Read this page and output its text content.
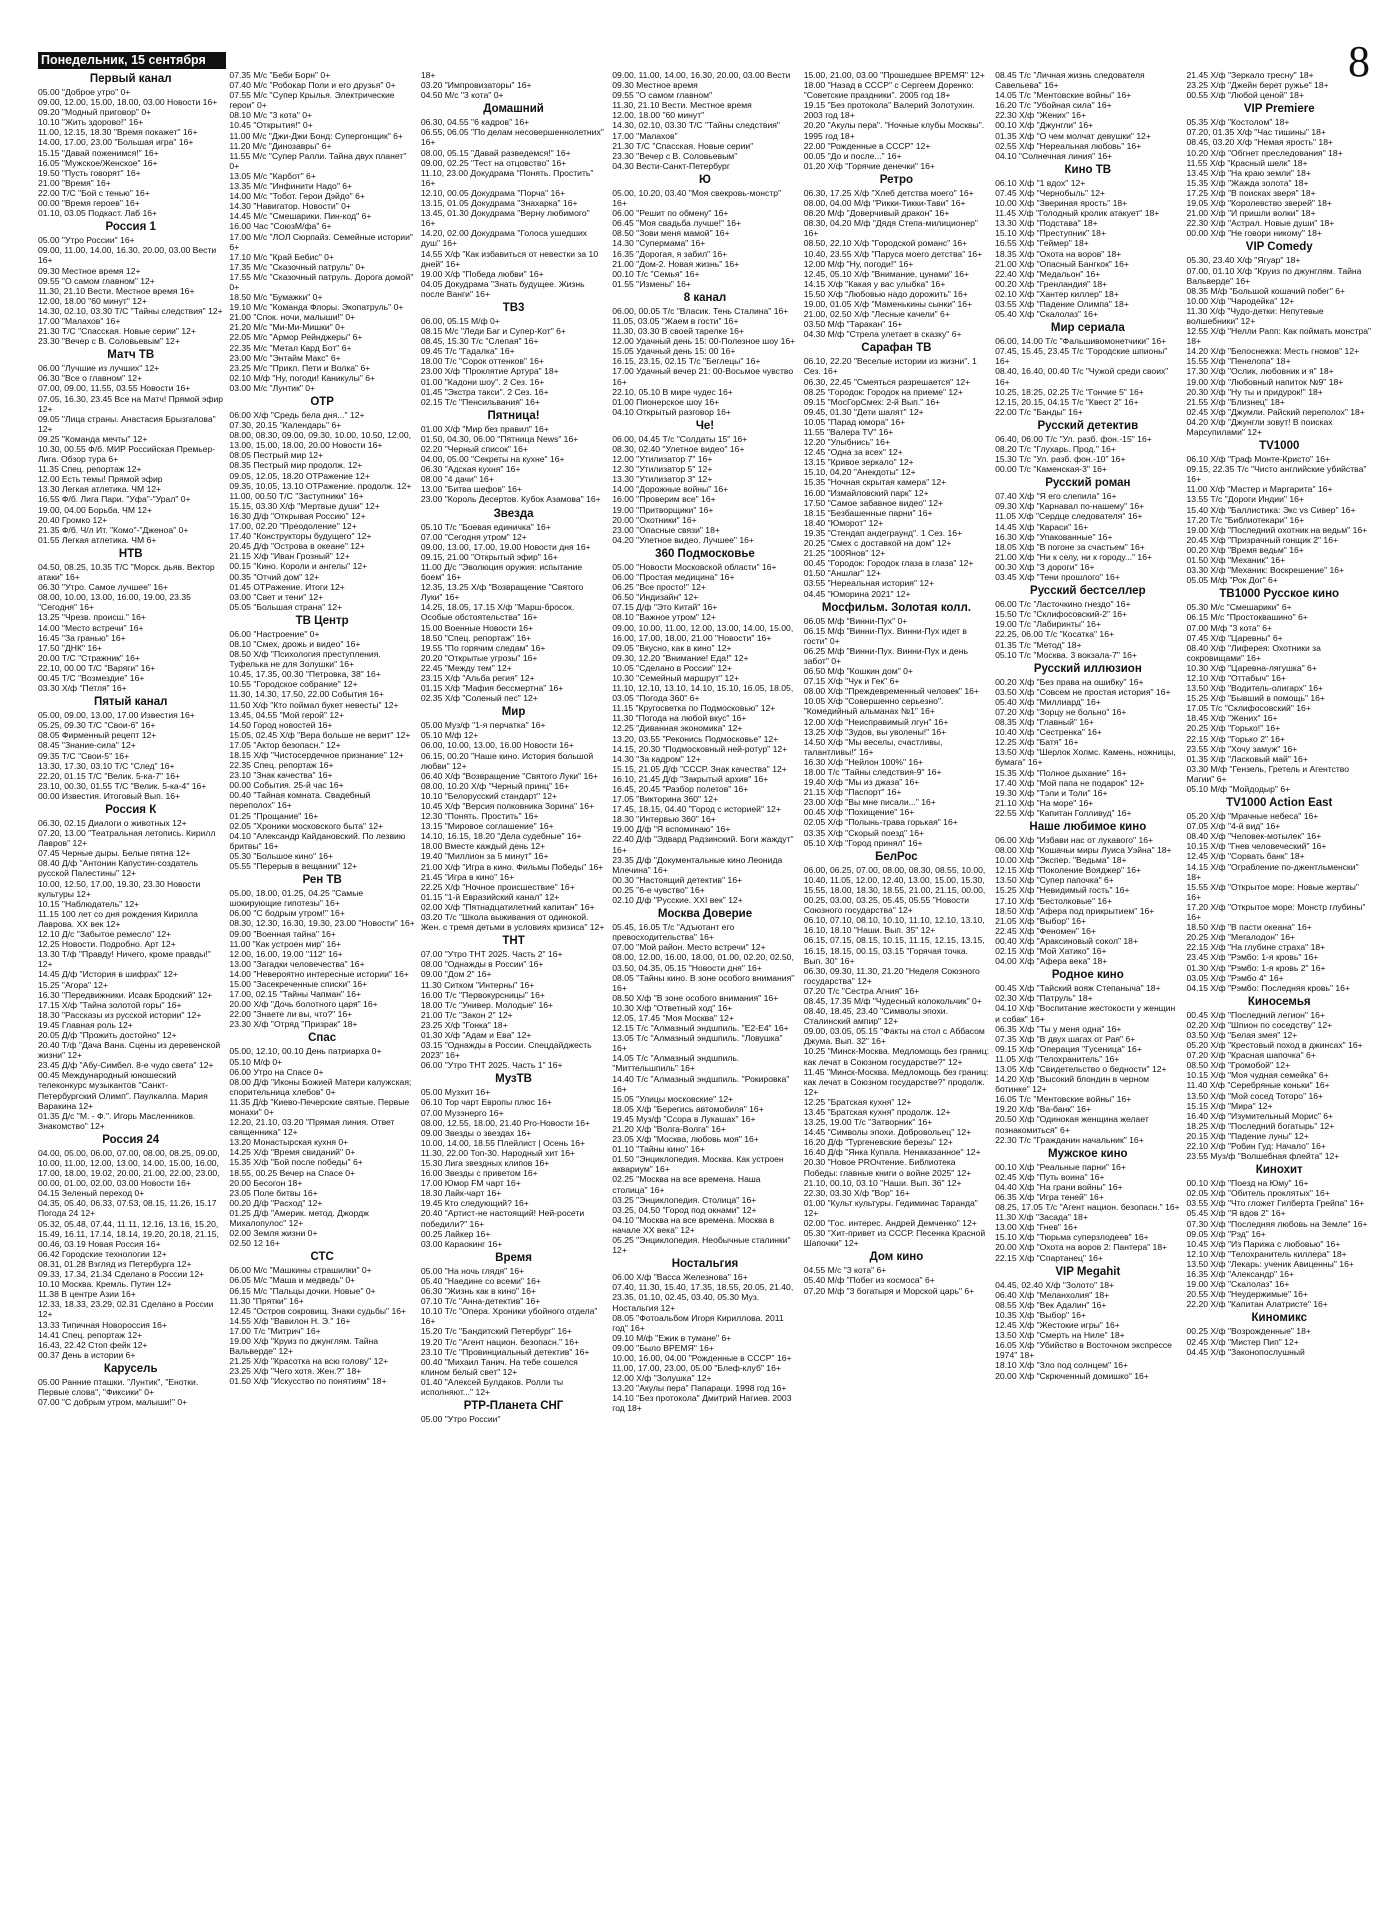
Понедельник, 15 сентября	8
Первый канал
05.00 "Доброе утро" 0+
09.00, 12.00, 15.00, 18.00, 03.00 Новости 16+
09.20 "Модный приговор" 0+
10.10 "Жить здорово!" 16+
11.00, 12.15, 18.30 "Время покажет" 16+
14.00, 17.00, 23.00 "Большая игра" 16+
15.15 "Давай поженимся!" 16+
16.05 "Мужское/Женское" 16+
19.50 "Пусть говорят" 16+
21.00 "Время" 16+
22.00 Т/С "Бой с тенью" 16+
00.00 "Время героев" 16+
01.10, 03.05 Подкаст. Лаб 16+
Россия 1
05.00 "Утро России" 16+
09.00, 11.00, 14.00, 16.30, 20.00, 03.00 Вести 16+
09.30 Местное время 12+
09.55 "О самом главном" 12+
11.30, 21.10 Вести. Местное время 16+
12.00, 18.00 "60 минут" 12+
14.30, 02.10, 03.30 Т/С "Тайны следствия" 12+
17.00 "Малахов" 16+
21.30 Т/С "Спасская. Новые серии" 12+
23.30 "Вечер с В. Соловьевым" 12+
Матч ТВ
06.00 "Лучшие из лучших" 12+
06.30 "Все о главном" 12+
07.00, 09.00, 11.55, 03.55 Новости 16+
07.05, 16.30, 23.45 Все на Матч! Прямой эфир 12+
09.05 "Лица страны. Анастасия Брызгалова" 12+
09.25 "Команда мечты" 12+
10.30, 00.55 Ф/б. МИР Российская Премьер-Лига. Обзор тура 6+
11.35 Спец. репортаж 12+
12.00 Есть темы! Прямой эфир
13.30 Легкая атлетика. ЧМ 12+
16.55 Ф/б. Лига Пари. "Уфа"-"Урал" 0+
19.00, 04.00 Борьба. ЧМ 12+
20.40 Громко 12+
21.35 Ф/б. Ч/л Ит. "Комо"-"Дженоа" 0+
01.55 Легкая атлетика. ЧМ 6+
НТВ
04.50, 08.25, 10.35 Т/С "Морск. дьяв. Вектор атаки" 16+
06.30 "Утро. Самое лучшее" 16+
08.00, 10.00, 13.00, 16.00, 19.00, 23.35 "Сегодня" 16+
13.25 "Чрезв. происш." 16+
14.00 "Место встречи" 16+
16.45 "За гранью" 16+
17.50 "ДНК" 16+
20.00 Т/С "Стражник" 16+
22.10, 00.00 Т/С "Варяги" 16+
00.45 Т/С "Возмездие" 16+
03.30 Х/ф "Петля" 16+
Пятый канал
05.00, 09.00, 13.00, 17.00 Известия 16+
05.25, 09.30 Т/С "Свои-6" 16+
08.05 Фирменный рецепт 12+
08.45 "Знание-сила" 12+
09.35 Т/С "Свои-5" 16+
13.30, 17.30, 03.10 Т/С "След" 16+
22.20, 01.15 Т/С "Велик. 5-ка-7" 16+
23.10, 00.30, 01.55 Т/С "Велик. 5-ка-4" 16+
00.00 Известия. Итоговый Вып. 16+
Россия К
06.30, 02.15 Диалоги о животных 12+
07.20, 13.00 "Театральная летопись. Кирилл Лавров" 12+
07.45 Черные дыры. Белые пятна 12+
08.40 Д/ф "Антонин Капустин-создатель русской Палестины" 12+
10.00, 12.50, 17.00, 19.30, 23.30 Новости культуры 12+
10.15 "Наблюдатель" 12+
11.15 100 лет со дня рождения Кирилла Лаврова. ХХ век 12+
12.10 Д/с "Забытое ремесло" 12+
12.25 Новости. Подробно. Арт 12+
13.30 Т/ф "Правду! Ничего, кроме правды!" 12+
14.45 Д/ф "История в шифрах" 12+
15.25 "Агора" 12+
16.30 "Передвижники. Исаак Бродский" 12+
17.15 Х/ф "Тайна золотой горы" 16+
18.30 "Рассказы из русской истории" 12+
19.45 Главная роль 12+
20.05 Д/ф "Прожить достойно" 12+
20.40 Т/ф "Дача Вана. Сцены из деревенской жизни" 12+
23.45 Д/ф "Абу-Симбел. 8-е чудо света" 12+
00.45 Международный юношеский телеконкурс музыкантов "Санкт-Петербургский Олимп". Паулкалпа. Мария Варакина 12+
01.35 Д/с "М. - Ф.". Игорь Масленников. Знакомство" 12+
Россия 24
04.00, 05.00, 06.00, 07.00, 08.00, 08.25, 09.00, 10.00, 11.00, 12.00, 13.00, 14.00, 15.00, 16.00, 17.00, 18.00, 19.02, 20.00, 21.00, 22.00, 23.00, 00.00, 01.00, 02.00, 03.00 Новости 16+
04.15 Зеленый переход 0+
04.35, 05.40, 06.33, 07.53, 08.15, 11.26, 15.17 Погода 24 12+
05.32, 05.48, 07.44, 11.11, 12.16, 13.16, 15.20, 15.49, 16.11, 17.14, 18.14, 19.20, 20.18, 21.15, 00.46, 03.19 Новая Россия 16+
06.42 Городские технологии 12+
08.31, 01.28 Взгляд из Петербурга 12+
09.33, 17.34, 21.34 Сделано в России 12+
10.10 Москва. Кремль. Путин 12+
11.38 В центре Азии 16+
12.33, 18.33, 23.29, 02.31 Сделано в России 12+
13.33 Типичная Новороссия 16+
14.41 Спец. репортаж 12+
16.43, 22.42 Стоп фейк 12+
00.37 День в истории 6+
Карусель
05.00 Ранние пташки. "Лунтик", "Енотки. Первые слова", "Фиксики" 0+
07.00 "С добрым утром, малыши!" 0+
07.35 М/с "Беби Борн" 0+
07.40 М/с "Робокар Поли и его друзья" 0+
07.55 М/с "Супер Крылья. Электрические герои" 0+
08.10 М/с "3 кота" 0+
10.45 "Открытия!" 0+
11.00 М/с "Джи-Джи Бонд: Супергонщик" 6+
11.20 М/с "Динозавры" 6+
11.55 М/с "Супер Ралли. Тайна двух планет" 0+
13.05 М/с "Карбот" 6+
13.35 М/с "Инфинити Надо" 6+
14.00 М/с "Тобот. Герои Дэйдо" 6+
14.30 "Навигатор. Новости" 0+
14.45 М/с "Смешарики. Пин-код" 6+
16.00 Час "СоюзМ/фа" 6+
17.00 М/с "ЛОЛ Сюрпайз. Семейные истории" 6+
17.10 М/с "Край Бебис" 0+
17.35 М/с "Сказочный патруль" 0+
17.55 М/с "Сказочный патруль. Дорога домой" 0+
18.50 М/с "Бумажки" 0+
19.10 М/с "Команда Флоры. Экопатруль" 0+
21.00 "Спок. ночи, малыши!" 0+
21.20 М/с "Ми-Ми-Мишки" 0+
22.05 М/с "Армор Рейнджеры" 6+
22.35 М/с "Метал Кард Бот" 6+
23.00 М/с "Энтайм Макс" 6+
23.25 М/с "Прикл. Пети и Волка" 6+
02.10 М/ф "Ну, погоди! Каникулы" 6+
03.00 М/с "Лунтик" 0+
ОТР
06.00 Х/ф "Средь бела дня..." 12+
07.30, 20.15 "Календарь" 6+
08.00, 08.30, 09.00, 09.30, 10.00, 10.50, 12.00, 13.00, 15.00, 18.00, 20.00 Новости 16+
08.05 Пестрый мир 12+
08.35 Пестрый мир продолж. 12+
09.05, 12.05, 18.20 ОТРажение 12+
09.35, 10.05, 13.10 ОТРажение. продолж. 12+
11.00, 00.50 Т/С "Заступники" 16+
15.15, 03.30 Х/ф "Мертвые души" 12+
16.30 Д/ф "Открывая Россию" 12+
17.00, 02.20 "Преодоление" 12+
17.40 "Конструкторы будущего" 12+
20.45 Д/ф "Острова в океане" 12+
21.15 Х/ф "Иван Грозный" 12+
00.15 "Кино. Короли и ангелы" 12+
00.35 "Отчий дом" 12+
01.45 ОТРажение. Итоги 12+
03.00 "Свет и тени" 12+
05.05 "Большая страна" 12+
ТВ Центр
06.00 "Настроение" 0+
08.10 "Смех, дрожь и видео" 16+
08.50 Х/ф "Психология преступления. Туфелька не для Золушки" 16+
10.45, 17.35, 00.30 "Петровка, 38" 16+
10.55 "Городское собрание" 12+
11.30, 14.30, 17.50, 22.00 События 16+
11.50 Х/ф "Кто поймал букет невесты" 12+
13.45, 04.55 "Мой герой" 12+
14.50 Город новостей 16+
15.05, 02.45 Х/ф "Вера больше не верит" 12+
17.05 "Актор безопасн." 12+
18.15 Х/ф "Чистосердечное признание" 12+
22.35 Спец. репортаж 16+
23.10 "Знак качества" 16+
00.00 События. 25-й час 16+
00.40 "Тайная комната. Свадебный переполох" 16+
01.25 "Прощание" 16+
02.05 "Хроники московского быта" 12+
04.10 "Александр Кайдановский. По лезвию бритвы" 16+
05.30 "Большое кино" 16+
05.55 "Перерыв в вещании" 12+
Рен ТВ
05.00, 18.00, 01.25, 04.25 "Самые шокирующие гипотезы" 16+
06.00 "С бодрым утром!" 16+
08.30, 12.30, 16.30, 19.30, 23.00 "Новости" 16+
09.00 "Военная тайна" 16+
11.00 "Как устроен мир" 16+
12.00, 16.00, 19.00 "112" 16+
13.00 "Загадки человечества" 16+
14.00 "Невероятно интересные истории" 16+
15.00 "Засекреченные списки" 16+
17.00, 02.15 "Тайны Чапман" 16+
20.00 Х/ф "Дочь болотного царя" 16+
22.00 "Знаете ли вы, что?" 16+
23.30 Х/ф "Отряд "Призрак" 18+
Спас
05.00, 12.10, 00.10 День патриарха 0+
05.10 М/ф 0+
06.00 Утро на Спасе 0+
08.00 Д/ф "Иконы Божией Матери калужская; спорительница хлебов" 0+
11.35 Д/ф "Киево-Печерские святые. Первые монахи" 0+
12.20, 21.10, 03.20 "Прямая линия. Ответ священника" 12+
13.20 Монастырская кухня 0+
14.25 Х/ф "Время свиданий" 0+
15.35 Х/ф "Бой после победы" 6+
18.55, 00.25 Вечер на Спасе 0+
20.00 Бесогон 18+
23.05 Поле битвы 16+
00.20 Д/ф "Расход" 12+
01.25 Д/ф "Америк. метод. Джордж Михалопулос" 12+
02.00 Земля жизни 0+
02.50 12 16+
СТС
06.00 М/с "Машкины страшилки" 0+
06.05 М/с "Маша и медведь" 0+
06.15 М/с "Пальцы дочки. Новые" 0+
11.30 "Прятки" 16+
12.45 "Остров сокровищ. Знаки судьбы" 16+
14.55 Х/ф "Вавилон Н. Э." 16+
17.00 Т/с "Митрич" 16+
19.00 Х/ф "Круиз по джунглям. Тайна Вальверде" 12+
21.25 Х/ф "Красотка на всю голову" 12+
23.25 Х/ф "Чего хотя. Жен.?" 18+
01.50 Х/ф "Искусство по понятиям" 18+
18+
03.20 "Импровизаторы" 16+
04.50 М/с "3 кота" 0+
Домашний
06.30, 04.55 "6 кадров" 16+
06.55, 06.05 "По делам несовершеннолетних" 16+
08.00, 05.15 "Давай разведемся!" 16+
09.00, 02.25 "Тест на отцовство" 16+
11.10, 23.00 Докудрама "Понять. Простить" 16+
12.10, 00.05 Докудрама "Порча" 16+
13.15, 01.05 Докудрама "Знахарка" 16+
13.45, 01.30 Докудрама "Верну любимого" 16+
14.20, 02.00 Докудрама "Голоса ушедших душ" 16+
14.55 Х/ф "Как избавиться от невестки за 10 дней" 16+
19.00 Х/ф "Победа любви" 16+
04.05 Докудрама "Знать будущее. Жизнь после Ванги" 16+
ТВ3
06.00, 05.15 М/ф 0+
08.15 М/с "Леди Баг и Супер-Кот" 6+
08.45, 15.30 Т/с "Слепая" 16+
09.45 Т/с "Гадалка" 16+
18.00 Т/с "Сорок оттенков" 16+
23.00 Х/ф "Проклятие Артура" 18+
01.00 "Кадони шоу". 2 Сез. 16+
01.45 "Экстра такси". 2 Сез. 16+
02.15 Т/с "Пенсильвания" 16+
Пятница!
01.00 Х/ф "Мир без правил" 16+
01.50, 04.30, 06.00 "Пятница News" 16+
02.20 "Черный список" 16+
04.00, 05.00 "Секреты на кухне" 16+
06.30 "Адская кухня" 16+
08.00 "4 дачи" 16+
13.00 "Битва шефов" 16+
23.00 "Король Десертов. Кубок Азамова" 16+
Звезда
05.10 Т/с "Боевая единичка" 16+
07.00 "Сегодня утром" 12+
09.00, 13.00, 17.00, 19.00 Новости дня 16+
09.15, 21.00 "Открытый эфир" 16+
11.00 Д/с "Эволюция оружия: испытание боем" 16+
12.35, 13.25 Х/ф "Возвращение "Святого Луки" 16+
14.25, 18.05, 17.15 Х/ф "Марш-бросок. Особые обстоятельства" 16+
15.00 Военные Новости 16+
18.50 "Спец. репортаж" 16+
19.55 "По горячим следам" 16+
20.20 "Открытые угрозы" 16+
22.45 "Между тем" 12+
23.15 Х/ф "Альба регия" 12+
01.15 Х/ф "Мафия бессмертна" 16+
02.35 Х/ф "Соленый пес" 12+
Мир
05.00 Муз/ф "1-я перчатка" 16+
05.10 М/ф 12+
06.00, 10.00, 13.00, 16.00 Новости 16+
06.15, 00.20 "Наше кино. История большой любви" 12+
06.40 Х/ф "Возвращение "Святого Луки" 16+
08.00, 10.20 Х/ф "Черный принц" 16+
10.10 "Белорусский стандарт" 12+
10.45 Х/ф "Версия полковника Зорина" 16+
12.30 "Понять. Простить" 16+
13.15 "Мировое соглашение" 16+
14.10, 16.15, 18.20 "Дела судебные" 16+
18.00 Вместе каждый день 12+
19.40 "Миллион за 5 минут" 16+
21.00 Х/ф "Игра в кино. Фильмы Победы" 16+
21.45 "Игра в кино" 16+
22.25 Х/ф "Ночное происшествие" 16+
01.15 "1-й Евразийский канал" 12+
02.00 Х/ф "Пятнадцатилетний капитан" 16+
03.20 Т/с "Школа выживания от одинокой. Жен. с тремя детьми в условиях кризиса" 12+
ТНТ
07.00 "Утро ТНТ 2025. Часть 2" 16+
08.00 "Однажды в России" 16+
09.00 "Дом 2" 16+
11.30 Ситком "Интерны" 16+
16.00 Т/с "Первокурсницы" 16+
18.00 Т/с "Универ. Молодые" 16+
21.00 Т/с "Закон 2" 12+
23.25 Х/ф "Гонка" 18+
01.30 Х/ф "Адам и Ева" 12+
03.15 "Однажды в России. Спецдайджесть 2023" 16+
06.00 "Утро ТНТ 2025. Часть 1" 16+
МузТВ
05.00 Музхит 16+
06.10 Тор чарт Европы плюс 16+
07.00 Музэнерго 16+
08.00, 12.55, 18.00, 21.40 Pro-Новости 16+
09.00 Звезды о звездах 16+
10.00, 14.00, 18.55 Плейлист | Осень 16+
11.30, 22.00 Топ-30. Народный хит 16+
15.30 Лига звездных клипов 16+
16.00 Звезды с приветом 16+
17.00 Юмор FM чарт 16+
18.30 Лайк-чарт 16+
19.45 Кто следующий? 16+
20.40 "Артист-не настоящий! Ней-росети победили?" 16+
00.25 Лайкер 16+
03.00 Караокинг 16+
Время
05.00 "На ночь глядя" 16+
05.40 "Наедине со всеми" 16+
06.30 "Жизнь как в кино" 16+
07.10 Т/с "Анна-детектив" 16+
10.10 Т/с "Опера. Хроники убойного отдела" 16+
15.20 Т/с "Бандитский Петербург" 16+
19.20 Т/с "Агент национ. безопасн." 16+
23.10 Т/с "Провинциальный детектив" 16+
00.40 "Михаил Танич. На тебе сошелся клином белый свет" 12+
01.40 "Алексей Булдаков. Ролли ты исполняют..." 12+
РТР-Планета СНГ
05.00 "Утро России"
09.00, 11.00, 14.00, 16.30, 20.00, 03.00 Вести
09.30 Местное время
09.55 "О самом главном"
11.30, 21.10 Вести. Местное время
12.00, 18.00 "60 минут"
14.30, 02.10, 03.30 Т/С "Тайны следствия"
17.00 "Малахов"
21.30 Т/С "Спасская. Новые серии"
23.30 "Вечер с В. Соловьевым"
04.30 Вести-Санкт-Петербург
Ю
05.00, 10.20, 03.40 "Моя свекровь-монстр" 16+
06.00 "Решит по обмену" 16+
06.45 "Моя свадьба лучше!" 16+
08.50 "Зови меня мамой" 16+
14.30 "Супермама" 16+
16.35 "Дорогая, я забил" 16+
21.00 "Дом-2. Новая жизнь" 16+
00.10 Т/с "Семья" 16+
01.55 "Измены" 16+
8 канал
06.00, 00.05 Т/с "Власик. Тень Сталина" 16+
11.05, 03.05 "Жаем в гости" 16+
11.30, 03.30 В своей тарелке 16+
12.00 Удачный день 15: 00-Полезное шоу 16+
15.05 Удачный день 15: 00 16+
16.15, 23.15, 02.15 Т/с "Беглецы" 16+
17.00 Удачный вечер 21: 00-Восьмое чувство 16+
22.10, 05.10 В мире чудес 16+
01.00 Пионерское шоу 16+
04.10 Открытый разговор 16+
Че!
06.00, 04.45 Т/с "Солдаты 15" 16+
08.30, 02.40 "Улетное видео" 16+
12.00 "Утилизатор 7" 16+
12.30 "Утилизатор 5" 12+
13.30 "Утилизатор 3" 12+
14.00 "Дорожные войны" 16+
16.00 "Проверим все" 16+
19.00 "Притворщики" 16+
20.00 "Охотники" 16+
23.00 "Опасные связи" 18+
04.20 "Улетное видео. Лучшее" 16+
360 Подмосковье
05.00 "Новости Московской области" 16+
06.00 "Простая медицина" 16+
06.25 "Все просто!" 12+
06.50 "Индизайн" 12+
07.15 Д/ф "Это Китай" 16+
08.10 "Важное утром" 12+
09.00, 10.00, 11.00, 12.00, 13.00, 14.00, 15.00, 16.00, 17.00, 18.00, 21.00 "Новости" 16+
09.05 "Вкусно, как в кино" 12+
09.30, 12.20 "Внимание! Еда!" 12+
10.05 "Сделано в России" 12+
10.30 "Семейный маршрут" 12+
11.10, 12.10, 13.10, 14.10, 15.10, 16.05, 18.05, 03.05 "Погода 360" 6+
11.15 "Кругосветка по Подмосковью" 12+
11.30 "Погода на любой вкус" 16+
12.25 "Диванная экономика" 12+
13.20, 03.55 "Реконись Подмосковье" 12+
14.15, 20.30 "Подмосковный ней-ротур" 12+
14.30 "За кадром" 12+
15.15, 21.05 Д/ф "СССР. Знак качества" 12+
16.10, 21.45 Д/ф "Закрытый архив" 16+
16.45, 20.45 "Разбор полетов" 16+
17.05 "Викторина 360" 12+
17.45, 18.15, 04.40 "Город с историей" 12+
18.30 "Интервью 360" 16+
19.00 Д/ф "Я вспоминаю" 16+
22.40 Д/ф "Эдвард Радзинский. Боги жаждут" 16+
23.35 Д/ф "Документальные кино Леонида Млечина" 16+
00.30 "Настоящий детектив" 16+
00.25 "6-е чувство" 16+
02.10 Д/ф "Русские. XXI век" 12+
Москва Доверие
05.45, 16.05 Т/с "Адъютант его превосходительства" 16+
07.00 "Мой район. Место встречи" 12+
08.00, 12.00, 16.00, 18.00, 01.00, 02.20, 02.50, 03.50, 04.35, 05.15 "Новости дня" 16+
08.05 "Тайны кино. В зоне особого внимания" 16+
08.50 Х/ф "В зоне особого внимания" 16+
10.30 Х/ф "Ответный ход" 16+
12.05, 17.45 "Моя Москва" 12+
12.15 Т/с "Алмазный эндшпиль. "Е2-Е4" 16+
13.05 Т/с "Алмазный эндшпиль. "Ловушка" 16+
14.05 Т/с "Алмазный эндшпиль. "Миттельшпиль" 16+
14.40 Т/с "Алмазный эндшпиль. "Рокировка" 16+
15.05 "Улицы московские" 12+
18.05 Х/ф "Берегись автомобиля" 16+
19.45 Муз/ф "Ссора в Лукашах" 16+
21.20 Х/ф "Волга-Волга" 16+
23.05 Х/ф "Москва, любовь моя" 16+
01.10 "Тайны кино" 16+
01.50 "Энциклопедия. Москва. Как устроен аквариум" 16+
02.25 "Москва на все времена. Наша столица" 16+
03.25 "Энциклопедия. Столица" 16+
03.25, 04.50 "Город под окнами" 12+
04.10 "Москва на все времена. Москва в начале XX века" 12+
05.25 "Энциклопедия. Необычные сталинки" 12+
Ностальгия
06.00 Х/ф "Васса Железнова" 16+
07.40, 11.30, 15.40, 17.35, 18.55, 20.05, 21.40, 23.35, 01.10, 02.45, 03.40, 05.30 Муз. Ностальгия 12+
08.05 "Фотоальбом Игоря Кириллова. 2011 год" 16+
09.10 М/ф "Ежик в тумане" 6+
09.00 "Было ВРЕМЯ" 16+
10.00, 16.00, 04.00 "Рожденные в СССР" 16+
11.00, 17.00, 23.00, 05.00 "Блеф-клуб" 16+
12.00 Х/ф "Золушка" 12+
13.20 "Акулы пера" Папараци. 1998 год 16+
14.10 "Без протокола" Дмитрий Нагиев. 2003 год 18+
15.00, 21.00, 03.00 "Прошедшее ВРЕМЯ" 12+
18.00 "Назад в СССР" с Сергеем Доренко: "Советские праздники". 2005 год 18+
19.15 "Без протокола" Валерий Золотухин. 2003 год 18+
20.20 "Акулы пера". "Ночные клубы Москвы". 1995 год 18+
22.00 "Рожденные в СССР" 12+
00.05 "До и после..." 16+
01.20 Х/ф "Горячие денечки" 16+
Ретро
06.30, 17.25 Х/ф "Хлеб детства моего" 16+
08.00, 04.00 М/ф "Рикки-Тикки-Тави" 16+
08.20 М/ф "Доверчивый дракон" 16+
08.30, 04.20 М/ф "Дядя Степа-милиционер" 16+
08.50, 22.10 Х/ф "Городской романс" 16+
10.40, 23.55 Х/ф "Паруса моего детства" 16+
12.00 М/ф "Ну, погоди!" 16+
12.45, 05.10 Х/ф "Внимание, цунами" 16+
14.15 Х/ф "Какая у вас улыбка" 16+
15.50 Х/ф "Любовью надо дорожить" 16+
19.00, 01.05 Х/ф "Маменькины сынки" 16+
21.00, 02.50 Х/ф "Лесные качели" 6+
03.50 М/ф "Таракан" 16+
04.30 М/ф "Стрела улетает в сказку" 6+
Сарафан ТВ
06.10, 22.20 "Веселые истории из жизни". 1 Сез. 16+
06.30, 22.45 "Смеяться разрешается" 12+
08.25 "Городок: Городок на приеме" 12+
09.15 "МосГорСмех: 2-й Вып." 16+
09.45, 01.30 "Дети шалят" 12+
10.05 "Парад юмора" 16+
11.55 "Валера TV" 16+
12.20 "Улыбнись" 16+
12.45 "Одна за всех" 12+
13.15 "Кривое зеркало" 12+
15.10, 04.20 "Анекдоты" 12+
15.35 "Ночная скрытая камера" 12+
16.00 "Измайловский парк" 12+
17.50 "Самое забавное видео" 12+
18.15 "Безбашенные парни" 16+
18.40 "Юморот" 12+
19.35 "Стендап андеграунд". 1 Сез. 16+
20.25 "Смех с доставкой на дом" 12+
21.25 "100Янов" 12+
00.45 "Городок: Городок глаза в глаза" 12+
01.50 "Аншлаг" 12+
03.55 "Нереальная история" 12+
04.45 "Юморина 2021" 12+
Мосфильм. Золотая колл.
06.05 М/ф "Винни-Пух" 0+
06.15 М/ф "Винни-Пух. Винни-Пух идет в гости" 0+
06.25 М/ф "Винни-Пух. Винни-Пух и день забот" 0+
06.50 М/ф "Кошкин дом" 0+
07.15 Х/ф "Чук и Гек" 6+
08.00 Х/ф "Преждевременный человек" 16+
10.05 Х/ф "Совершенно серьезно". "Комедийный альманах №1" 16+
12.00 Х/ф "Неисправимый лгун" 16+
13.25 Х/ф "Зудов, вы уволены!" 16+
14.50 Х/ф "Мы веселы, счастливы, талантливы!" 16+
16.30 Х/ф "Нейлон 100%" 16+
18.00 Т/с "Тайны следствия-9" 16+
19.40 Х/ф "Мы из джаза" 16+
21.15 Х/ф "Паспорт" 16+
23.00 Х/ф "Вы мне писали..." 16+
00.45 Х/ф "Похищение" 16+
02.05 Х/ф "Полынь-трава горькая" 16+
03.35 Х/ф "Скорый поезд" 16+
05.10 Х/ф "Город принял" 16+
БелРос
06.00, 06.25, 07.00, 08.00, 08.30, 08.55, 10.00, 10.40, 11.05, 12.00, 12.40, 13.00, 15.00, 15.30, 15.55, 18.00, 18.30, 18.55, 21.00, 21.15, 00.00, 00.25, 03.00, 03.25, 05.45, 05.55 "Новости Союзного государства" 12+
06.10, 07.10, 08.10, 10.10, 11.10, 12.10, 13.10, 16.10, 18.10 "Наши. Вып. 35" 12+
06.15, 07.15, 08.15, 10.15, 11.15, 12.15, 13.15, 16.15, 18.15, 00.15, 03.15 "Горячая точка. Вып. 30" 16+
06.30, 09.30, 11.30, 21.20 "Неделя Союзного государства" 12+
07.20 Т/с "Сестра Агния" 16+
08.45, 17.35 М/ф "Чудесный колокольчик" 0+
08.40, 18.45, 23.40 "Символы эпохи. Сталинский ампир" 12+
09.00, 03.05, 05.15 "Факты на стол с Аббасом Джума. Вып. 32" 16+
10.25 "Минск-Москва. Медломощь без границ: как лечат в Союзном государстве?" 12+
11.45 "Минск-Москва. Медломощь без границ: как лечат в Союзном государстве?" продолж. 12+
12.25 "Братская кухня" 12+
13.45 "Братская кухня" продолж. 12+
13.25, 19.00 Т/с "Затворник" 16+
14.45 "Символы эпохи. Добровольец" 12+
16.20 Д/ф "Тургеневские березы" 12+
16.40 Д/ф "Янка Купала. Ненаказанное" 12+
20.30 "Новое PROчтение. Библиотека Победы: главные книги о войне 2025" 12+
21.10, 00.10, 03.10 "Наши. Вып. 36" 12+
22.30, 03.30 Х/ф "Вор" 16+
01.00 "Культ культуры. Гедиминас Таранда" 12+
02.00 "Гос. интерес. Андрей Демченко" 12+
05.30 "Хит-привет из СССР. Песенка Красной Шапочки" 12+
Дом кино
04.55 М/с "3 кота" 6+
05.40 М/ф "Побег из космоса" 6+
07.20 М/ф "3 богатыря и Морской царь" 6+
08.45 Т/с "Личная жизнь следователя Савельева" 16+
14.05 Т/с "Ментовские войны" 16+
16.20 Т/с "Убойная сила" 16+
22.30 Х/ф "Жених" 16+
00.10 Х/ф "Джунгли" 16+
01.35 Х/ф "О чем молчат девушки" 12+
02.55 Х/ф "Нереальная любовь" 16+
04.10 "Солнечная линия" 16+
Кино ТВ
06.10 Х/ф "1 вдох" 12+
07.45 Х/ф "Чернобыль" 12+
10.00 Х/ф "Звериная ярость" 18+
11.45 Х/ф "Голодный кролик атакует" 18+
13.30 Х/ф "Подставa" 18+
15.10 Х/ф "Преступник" 18+
16.55 Х/ф "Геймер" 18+
18.35 Х/ф "Охота на воров" 18+
21.00 Х/ф "Опасный Бангкок" 16+
22.40 Х/ф "Медальон" 16+
00.20 Х/ф "Гренландия" 18+
02.10 Х/ф "Хантер киллер" 18+
03.55 Х/ф "Падение Олимпа" 18+
05.40 Х/ф "Скалолаз" 16+
Мир сериала
06.00, 14.00 Т/с "Фальшивомонетчики" 16+
07.45, 15.45, 23.45 Т/с "Городские шпионы" 16+
08.40, 16.40, 00.40 Т/с "Чужой среди своих" 16+
10.25, 18.25, 02.25 Т/с "Гончие 5" 16+
12.15, 20.15, 04.15 Т/с "Квест 2" 16+
22.00 Т/с "Банды" 16+
Русский детектив
06.40, 06.00 Т/с "Ул. разб. фон.-15" 16+
08.20 Т/с "Глухарь. Прод." 16+
15.30 Т/с "Ул. разб. фон.-10" 16+
00.00 Т/с "Каменская-3" 16+
Русский роман
07.40 Х/ф "Я его слепила" 16+
09.30 Х/ф "Карнавал по-нашему" 16+
11.05 Х/ф "Сердце следователя" 16+
14.45 Х/ф "Караси" 16+
16.30 Х/ф "Упакованные" 16+
18.05 Х/ф "В погоне за счастьем" 16+
21.00 Х/ф "Ни к селу, ни к городу..." 16+
00.30 Х/ф "З дороги" 16+
03.45 Х/ф "Тени прошлого" 16+
Русский бестселлер
06.00 Т/с "Ласточкино гнездо" 16+
15.50 Т/с "Склифосовский-2" 16+
19.00 Т/с "Лабиринты" 16+
22.25, 06.00 Т/с "Косатка" 16+
01.35 Т/с "Метод" 18+
05.10 Т/с "Москва. 3 вокзала-7" 16+
Русский иллюзион
00.20 Х/ф "Без права на ошибку" 16+
03.50 Х/ф "Совсем не простая история" 16+
05.40 Х/ф "Миллиард" 16+
07.20 Х/ф "Зорцу не больно" 16+
08.35 Х/ф "Главный" 16+
10.40 Х/ф "Сестренка" 16+
12.25 Х/ф "Батя" 16+
13.50 Х/ф "Шерлок Холмс. Камень, ножницы, бумага" 16+
15.35 Х/ф "Полное дыхание" 16+
17.40 Х/ф "Мой папа не подарок" 12+
19.30 Х/ф "Тэли и Толи" 16+
21.10 Х/ф "На море" 16+
22.55 Х/ф "Капитан Голливуд" 16+
Наше любимое кино
06.00 Х/ф "Избави нас от лукавого" 16+
08.00 Х/ф "Кошачьи миры Луиса Уэйна" 18+
10.00 Х/ф "Экспер. "Ведьма" 18+
12.15 Х/ф "Поколение Вояджер" 16+
13.50 Х/ф "Супер папочка" 6+
15.25 Х/ф "Невидимый гость" 16+
17.10 Х/ф "Бестолковые" 16+
18.50 Х/ф "Афера под прикрытием" 16+
21.05 Х/ф "Выбор" 16+
22.45 Х/ф "Феномен" 16+
00.40 Х/ф "Араксиновый сокол" 18+
02.15 Х/ф "Мой Хатико" 16+
04.00 Х/ф "Афера века" 18+
Родное кино
00.45 Х/ф "Тайский вояж Степаныча" 18+
02.30 Х/ф "Патруль" 18+
04.10 Х/ф "Воспитание жестокости у женщин и собак" 16+
06.35 Х/ф "Ты у меня одна" 16+
07.35 Х/ф "В двух шагах от Рая" 6+
09.15 Х/ф "Операция "Гусеница" 16+
11.05 Х/ф "Телохранитель" 16+
13.05 Х/ф "Свидетельство о бедности" 12+
14.20 Х/ф "Высокий блондин в черном ботинке" 12+
16.05 Т/с "Ментовские войны" 16+
19.20 Х/ф "Ва-банк" 16+
20.50 Х/ф "Одинокая женщина желает познакомиться" 6+
22.30 Т/с "Гражданин начальник" 16+
Мужское кино
00.10 Х/ф "Реальные парни" 16+
02.45 Х/ф "Путь воина" 16+
04.40 Х/ф "На грани войны" 16+
06.35 Х/ф "Игра теней" 16+
08.25, 17.05 Т/с "Агент национ. безопасн." 16+
11.30 Х/ф "Засада" 18+
13.00 Х/ф "Гнев" 16+
15.10 Х/ф "Тюрьма суперзлодеев" 16+
20.00 Х/ф "Охота на воров 2: Пантера" 18+
22.15 Х/ф "Спартанец" 16+
VIP Megahit
04.45, 02.40 Х/ф "Золото" 18+
06.40 Х/ф "Меланхолия" 18+
08.55 Х/ф "Век Адалин" 16+
10.35 Х/ф "Выбор" 16+
12.45 Х/ф "Жестокие игры" 16+
13.50 Х/ф "Смерть на Ниле" 18+
16.05 Х/ф "Убийство в Восточном экспрессе 1974" 18+
18.10 Х/ф "Зло под солнцем" 16+
20.00 Х/ф "Скрюченный домишко" 16+
21.45 Х/ф "Зеркало тресну" 18+
23.25 Х/ф "Джейн берет ружье" 18+
00.55 Х/ф "Любой ценой" 18+
VIP Premiere
05.35 Х/ф "Костолом" 18+
07.20, 01.35 Х/ф "Час тишины" 18+
08.45, 03.20 Х/ф "Немая ярость" 18+
10.20 Х/ф "Обгнет преследования" 18+
11.55 Х/ф "Красный шелк" 18+
13.45 Х/ф "На краю земли" 18+
15.35 Х/ф "Жажда золота" 18+
17.25 Х/ф "В поисках зверя" 18+
19.05 Х/ф "Королевство зверей" 18+
21.00 Х/ф "И пришли волки" 18+
22.30 Х/ф "Астрал. Новые души" 18+
00.00 Х/ф "Не говори никому" 18+
VIP Comedy
05.30, 23.40 Х/ф "Ягуар" 18+
07.00, 01.10 Х/ф "Круиз по джунглям. Тайна Вальверде" 16+
08.35 М/ф "Большой кошачий побег" 6+
10.00 Х/ф "Чародейка" 12+
11.30 Х/ф "Чудо-детки: Непутевые волшебники" 12+
12.55 Х/ф "Нелли Рапп: Как поймать монстра" 18+
14.20 Х/ф "Белоснежка: Месть гномов" 12+
15.55 Х/ф "Пенелопа" 18+
17.30 Х/ф "Ослик, любовник и я" 18+
19.00 Х/ф "Любовный напиток №9" 18+
20.30 Х/ф "Ну ты и придурок!" 18+
21.55 Х/ф "Близнец" 18+
02.45 Х/ф "Джумли. Райский переполох" 18+
04.20 Х/ф "Джунгли зовут! В поисках Марсупилами" 12+
TV1000
06.10 Х/ф "Граф Монте-Кристо" 16+
09.15, 22.35 Т/с "Чисто английские убийства" 16+
11.00 Х/ф "Мастер и Маргарита" 16+
13.55 Т/с "Дороги Индии" 16+
15.40 Х/ф "Баллистика: Экс vs Сивер" 16+
17.20 Т/с "Библиотекари" 16+
19.00 Х/ф "Последний охотник на ведьм" 16+
20.45 Х/ф "Призрачный гонщик 2" 16+
00.20 Х/ф "Время ведьм" 16+
01.50 Х/ф "Механик" 16+
03.30 Х/ф "Механик: Воскрешение" 16+
05.05 М/ф "Рок Дог" 6+
ТВ1000 Русское кино
05.30 М/с "Смешарики" 6+
06.15 М/с "Простоквашино" 6+
07.00 М/ф "3 кота" 6+
07.45 Х/ф "Царевны" 6+
08.40 Х/ф "Лиферея: Охотники за сокровищами" 16+
10.30 Х/ф "Царевна-лягушка" 6+
12.10 Х/ф "Оттабыч" 16+
13.50 Х/ф "Водитель-олигарх" 16+
15.25 Х/ф "Бывший в помощь" 16+
17.05 Т/с "Склифосовский" 16+
18.45 Х/ф "Жених" 16+
20.25 Х/ф "Горько!" 16+
22.15 Х/ф "Горько 2" 16+
23.55 Х/ф "Хочу замуж" 16+
01.35 Х/ф "Ласковый май" 16+
03.30 М/ф "Гензель, Гретель и Агентство Магии" 6+
05.10 М/ф "Мойдодыр" 6+
TV1000 Action East
05.20 Х/ф "Мрачные небеса" 16+
07.05 Х/ф "4-й вид" 16+
08.40 Х/ф "Человек-мотылек" 16+
10.15 Х/ф "Гнев человеческий" 16+
12.45 Х/ф "Сорвать банк" 18+
14.15 Х/ф "Ограбление по-джентльменски" 18+
15.55 Х/ф "Открытое море: Новые жертвы" 16+
17.20 Х/ф "Открытое море: Монстр глубины" 16+
18.50 Х/ф "В пасти океана" 16+
20.25 Х/ф "Мегалодон" 16+
22.15 Х/ф "На глубине страха" 18+
23.45 Х/ф "Рэмбо: 1-я кровь" 16+
01.30 Х/ф "Рэмбо: 1-я кровь 2" 16+
03.05 Х/ф "Рэмбо 4" 16+
04.15 Х/ф "Рэмбо: Последняя кровь" 16+
Киносемья
00.45 Х/ф "Последний легион" 16+
02.20 Х/ф "Шпион по соседству" 12+
03.50 Х/ф "Белая змея" 12+
05.20 Х/ф "Крестовый поход в джинсах" 16+
07.20 Х/ф "Красная шапочка" 6+
08.50 Х/ф "Громобой" 12+
10.15 Х/ф "Моя чудная семейка" 6+
11.40 Х/ф "Серебряные коньки" 16+
13.50 Х/ф "Мой сосед Тоторо" 16+
15.15 Х/ф "Мира" 12+
16.40 Х/ф "Изумительный Морис" 6+
18.25 Х/ф "Последний богатырь" 12+
20.15 Х/ф "Падение луны" 12+
22.10 Х/ф "Робин Гуд: Начало" 16+
23.55 Муз/ф "Волшебная флейта" 12+
Кинохит
00.10 Х/ф "Поезд на Юму" 16+
02.05 Х/ф "Обитель проклятых" 16+
03.55 Х/ф "Что гложет Гилберта Грейпа" 16+
05.45 Х/ф "Я вдов 2" 16+
07.30 Х/ф "Последняя любовь на Земле" 16+
09.05 Х/ф "Рэд" 16+
10.45 Х/ф "Из Парижа с любовью" 16+
12.10 Х/ф "Телохранитель киллера" 18+
13.50 Х/ф "Лекарь: ученик Авиценны" 16+
16.35 Х/ф "Александр" 16+
19.00 Х/ф "Скалолаз" 16+
20.55 Х/ф "Неудержимые" 16+
22.20 Х/ф "Капитан Алатристе" 16+
Киномикс
00.25 Х/ф "Возрожденные" 18+
02.45 Х/ф "Мистер Пип" 12+
04.45 Х/ф "Законопослушный
